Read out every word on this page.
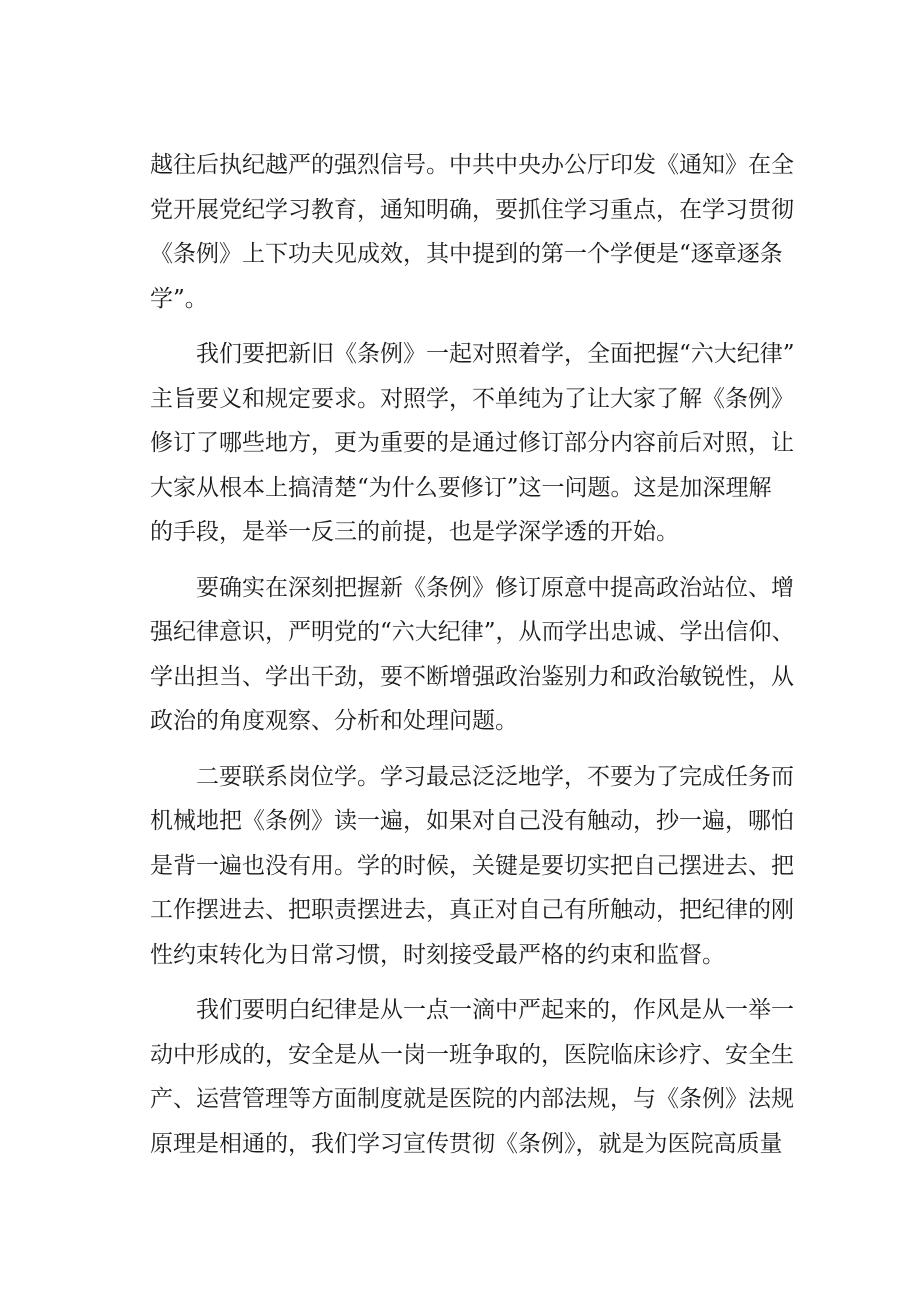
越往后执纪越严的强烈信号。中共中央办公厅印发《通知》在全
党开展党纪学习教育，通知明确，要抓住学习重点，在学习贯彻
《条例》上下功夫见成效，其中提到的第一个学便是“逐章逐条
学”。
我们要把新旧《条例》一起对照着学，全面把握“六大纪律”
主旨要义和规定要求。对照学，不单纯为了让大家了解《条例》
修订了哪些地方，更为重要的是通过修订部分内容前后对照，让
大家从根本上搞清楚“为什么要修订”这一问题。这是加深理解
的手段，是举一反三的前提，也是学深学透的开始。
要确实在深刻把握新《条例》修订原意中提高政治站位、增
强纪律意识，严明党的“六大纪律”，从而学出忠诚、学出信仰、
学出担当、学出干劲，要不断增强政治鉴别力和政治敏锐性，从
政治的角度观察、分析和处理问题。
二要联系岗位学。学习最忌泛泛地学，不要为了完成任务而
机械地把《条例》读一遍，如果对自己没有触动，抄一遍，哪怕
是背一遍也没有用。学的时候，关键是要切实把自己摆进去、把
工作摆进去、把职责摆进去，真正对自己有所触动，把纪律的刚
性约束转化为日常习惯，时刻接受最严格的约束和监督。
我们要明白纪律是从一点一滴中严起来的，作风是从一举一
动中形成的，安全是从一岗一班争取的，医院临床诊疗、安全生
产、运营管理等方面制度就是医院的内部法规，与《条例》法规
原理是相通的，我们学习宣传贯彻《条例》，就是为医院高质量
